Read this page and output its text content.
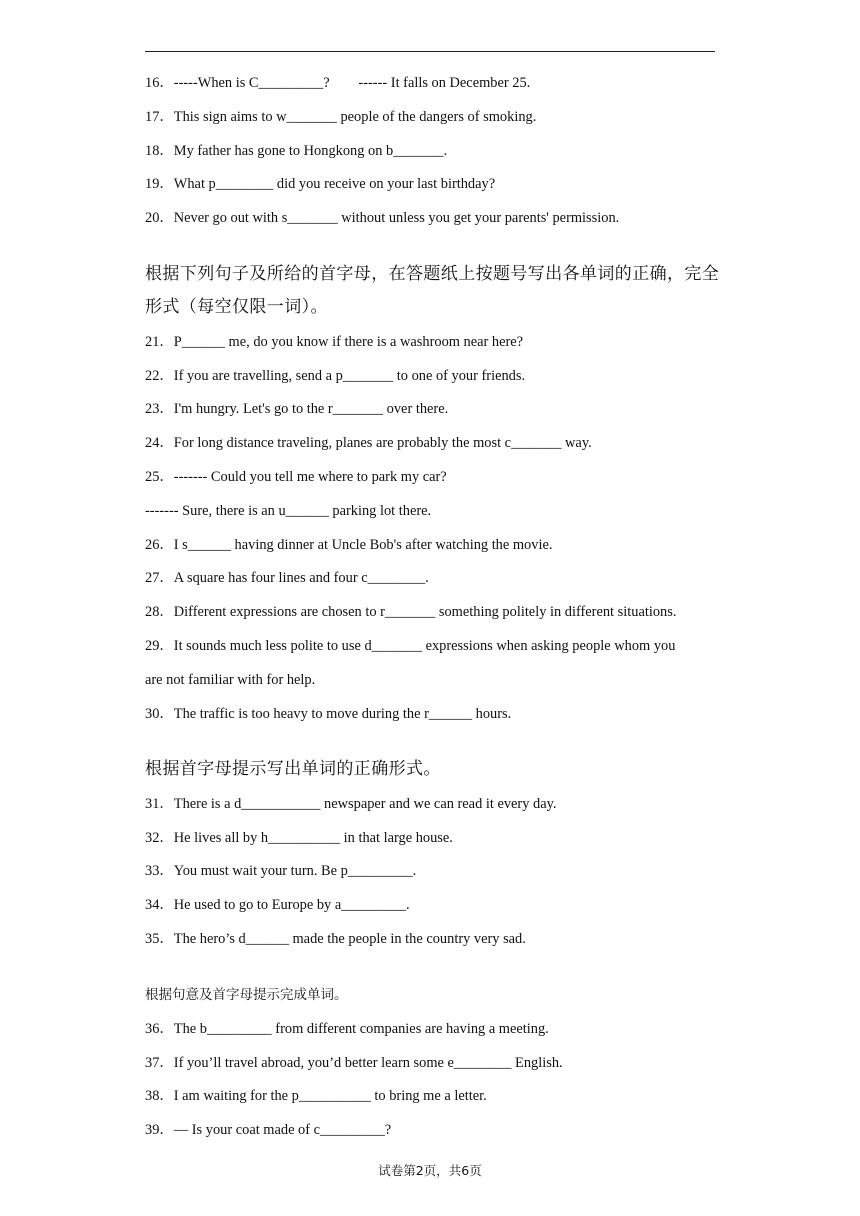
16．-----When is C_________?        ------ It falls on December 25.
17．This sign aims to w_______ people of the dangers of smoking.
18．My father has gone to Hongkong on b_______.
19．What p________ did you receive on your last birthday?
20．Never go out with s_______ without unless you get your parents' permission.
根据下列句子及所给的首字母，在答题纸上按题号写出各单词的正确，完全
形式（每空仅限一词）。
21．P______ me, do you know if there is a washroom near here?
22．If you are travelling, send a p_______ to one of your friends.
23．I'm hungry. Let's go to the r_______ over there.
24．For long distance traveling, planes are probably the most c_______ way.
25．------- Could you tell me where to park my car?
------- Sure, there is an u______ parking lot there.
26．I s______ having dinner at Uncle Bob's after watching the movie.
27．A square has four lines and four c________.
28．Different expressions are chosen to r_______ something politely in different situations.
29．It sounds much less polite to use d_______ expressions when asking people whom you
are not familiar with for help.
30．The traffic is too heavy to move during the r______ hours.
根据首字母提示写出单词的正确形式。
31．There is a d___________ newspaper and we can read it every day.
32．He lives all by h__________ in that large house.
33．You must wait your turn. Be p_________.
34．He used to go to Europe by a_________.
35．The hero’s d______ made the people in the country very sad.
根据句意及首字母提示完成单词。
36．The b_________ from different companies are having a meeting.
37．If you’ll travel abroad, you’d better learn some e________ English.
38．I am waiting for the p__________ to bring me a letter.
39．— Is your coat made of c_________?
试卷第2页，共6页
